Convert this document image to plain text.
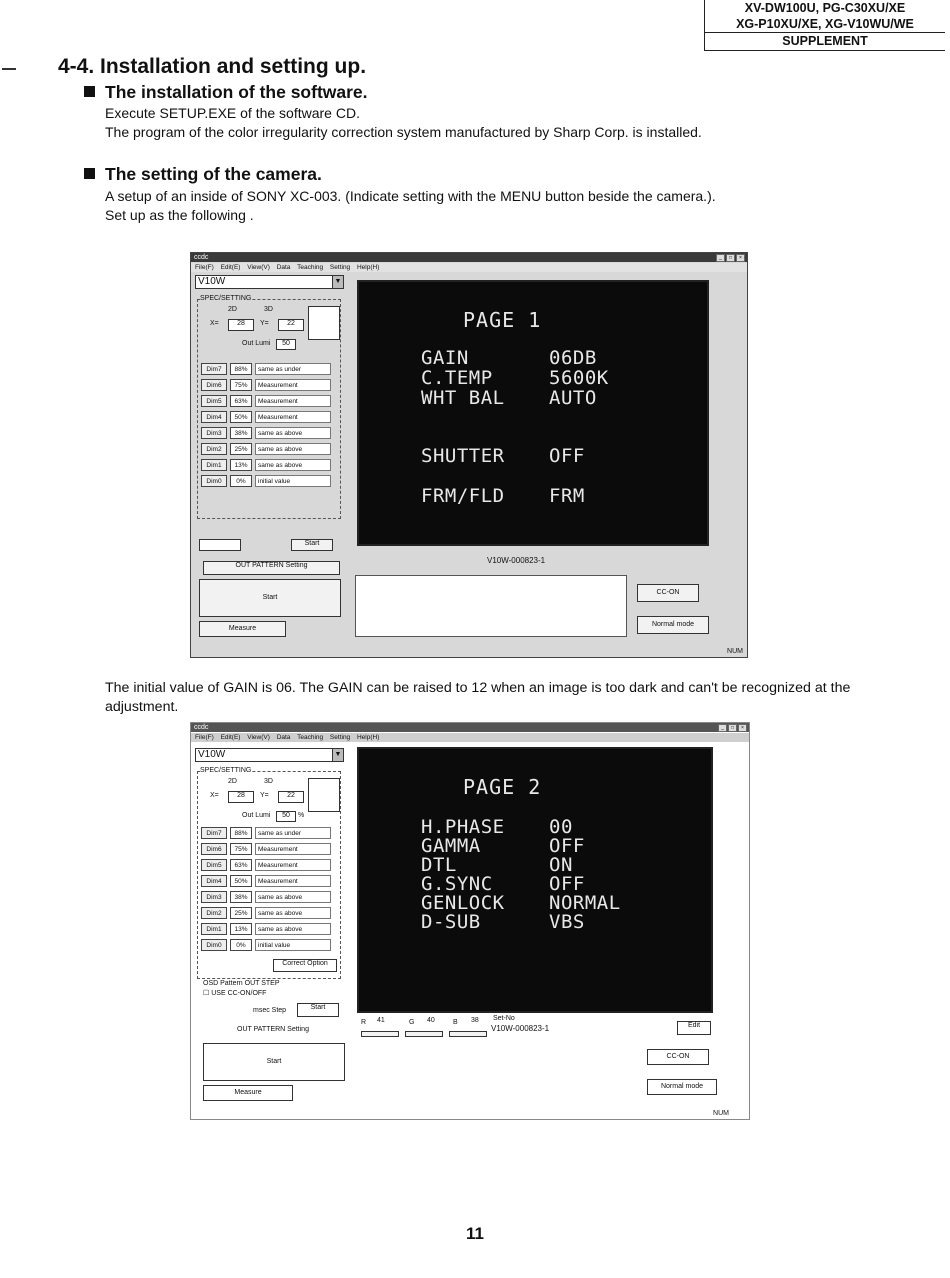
XV-DW100U, PG-C30XU/XE
XG-P10XU/XE, XG-V10WU/WE
SUPPLEMENT
4-4. Installation and setting up.
The installation of the software.
Execute SETUP.EXE of the software CD.
The program of the color irregularity correction system manufactured by Sharp Corp. is installed.
The setting of the camera.
A setup of an inside of SONY XC-003. (Indicate setting with the MENU button beside the camera.).
Set up as the following .
ccdc	_	□	×
File(F) Edit(E) View(V) Data Teaching Setting Help(H)
V10W	▼
SPEC/SETTING
2D	3D
X=	28	Y=	22
Out Lumi	50
Dim7	88%	same as under
Dim6	75%	Measurement
Dim5	63%	Measurement
Dim4	50%	Measurement
Dim3	38%	same as above
Dim2	25%	same as above
Dim1	13%	same as above
Dim0	0%	initial value
Start
OUT PATTERN Setting
Start
Measure
PAGE 1
GAIN	06DB
C.TEMP	5600K
WHT BAL AUTO
SHUTTER OFF
FRM/FLD FRM
V10W-000823-1
CC-ON
Normal mode
NUM
The initial value of GAIN is 06. The GAIN can be raised to 12 when an image is too dark and can't be recognized at the adjustment.
ccdc	_	□	×
File(F) Edit(E) View(V) Data Teaching Setting Help(H)
V10W	▼
SPEC/SETTING
2D	3D
X=	28	Y=	22
Out Lumi	50	%
Dim7	88%	same as under
Dim6	75%	Measurement
Dim5	63%	Measurement
Dim4	50%	Measurement
Dim3	38%	same as above
Dim2	25%	same as above
Dim1	13%	same as above
Dim0	0%	initial value
Correct Option
OSD Pattern OUT STEP
☐ USE CC-ON/OFF
msec Step	Start
OUT PATTERN Setting
Start
Measure
PAGE 2
H.PHASE 00
GAMMA	OFF
DTL	ON
G.SYNC	OFF
GENLOCK NORMAL
D-SUB	VBS
R 41	G 40	B 38 Set-No
V10W-000823-1	Edit
CC-ON
Normal mode
NUM
11
